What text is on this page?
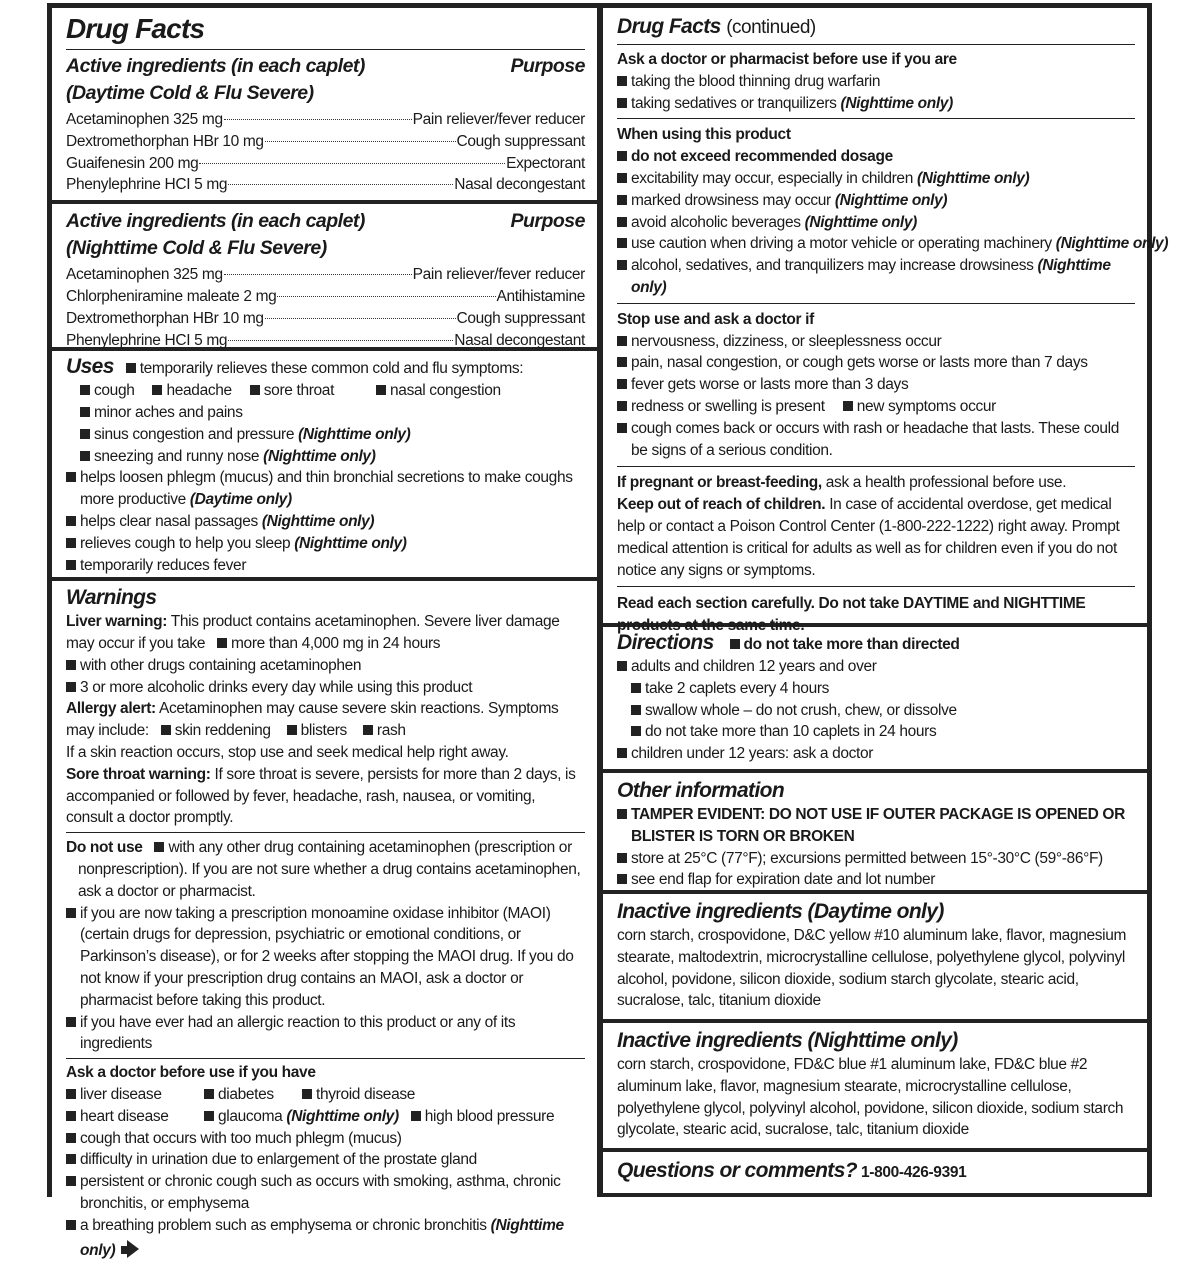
Drug Facts
Active ingredients (in each caplet)	Purpose
(Daytime Cold & Flu Severe)
Acetaminophen 325 mg	Pain reliever/fever reducer
Dextromethorphan HBr 10 mg	Cough suppressant
Guaifenesin 200 mg	Expectorant
Phenylephrine HCI 5 mg	Nasal decongestant
Active ingredients (in each caplet)	Purpose
(Nighttime Cold & Flu Severe)
Acetaminophen 325 mg	Pain reliever/fever reducer
Chlorpheniramine maleate 2 mg	Antihistamine
Dextromethorphan HBr 10 mg	Cough suppressant
Phenylephrine HCI 5 mg	Nasal decongestant
Uses temporarily relieves these common cold and flu symptoms:
cough headache sore throat	nasal congestion
minor aches and pains
sinus congestion and pressure (Nighttime only)
sneezing and runny nose (Nighttime only)
helps loosen phlegm (mucus) and thin bronchial secretions to make coughs more productive (Daytime only)
helps clear nasal passages (Nighttime only)
relieves cough to help you sleep (Nighttime only)
temporarily reduces fever
Warnings
Liver warning: This product contains acetaminophen. Severe liver damage may occur if you take more than 4,000 mg in 24 hours
with other drugs containing acetaminophen
3 or more alcoholic drinks every day while using this product
Allergy alert: Acetaminophen may cause severe skin reactions. Symptoms may include: skin reddening blisters rash
If a skin reaction occurs, stop use and seek medical help right away.
Sore throat warning: If sore throat is severe, persists for more than 2 days, is accompanied or followed by fever, headache, rash, nausea, or vomiting, consult a doctor promptly.
Do not use with any other drug containing acetaminophen (prescription or nonprescription). If you are not sure whether a drug contains acetaminophen, ask a doctor or pharmacist.
if you are now taking a prescription monoamine oxidase inhibitor (MAOI) (certain drugs for depression, psychiatric or emotional conditions, or Parkinson’s disease), or for 2 weeks after stopping the MAOI drug. If you do not know if your prescription drug contains an MAOI, ask a doctor or pharmacist before taking this product.
if you have ever had an allergic reaction to this product or any of its ingredients
Ask a doctor before use if you have
liver disease	diabetes	thyroid disease
heart disease	glaucoma (Nighttime only) high blood pressure
cough that occurs with too much phlegm (mucus)
difficulty in urination due to enlargement of the prostate gland
persistent or chronic cough such as occurs with smoking, asthma, chronic bronchitis, or emphysema
a breathing problem such as emphysema or chronic bronchitis (Nighttime only)
Drug Facts (continued)
Ask a doctor or pharmacist before use if you are
taking the blood thinning drug warfarin
taking sedatives or tranquilizers (Nighttime only)
When using this product
do not exceed recommended dosage
excitability may occur, especially in children (Nighttime only)
marked drowsiness may occur (Nighttime only)
avoid alcoholic beverages (Nighttime only)
use caution when driving a motor vehicle or operating machinery (Nighttime only)
alcohol, sedatives, and tranquilizers may increase drowsiness (Nighttime only)
Stop use and ask a doctor if
nervousness, dizziness, or sleeplessness occur
pain, nasal congestion, or cough gets worse or lasts more than 7 days
fever gets worse or lasts more than 3 days
redness or swelling is present new symptoms occur
cough comes back or occurs with rash or headache that lasts. These could be signs of a serious condition.
If pregnant or breast-feeding, ask a health professional before use.
Keep out of reach of children. In case of accidental overdose, get medical help or contact a Poison Control Center (1-800-222-1222) right away. Prompt medical attention is critical for adults as well as for children even if you do not notice any signs or symptoms.
Read each section carefully. Do not take DAYTIME and NIGHTTIME products at the same time.
Directions do not take more than directed
adults and children 12 years and over
take 2 caplets every 4 hours
swallow whole – do not crush, chew, or dissolve
do not take more than 10 caplets in 24 hours
children under 12 years: ask a doctor
Other information
TAMPER EVIDENT: DO NOT USE IF OUTER PACKAGE IS OPENED OR BLISTER IS TORN OR BROKEN
store at 25°C (77°F); excursions permitted between 15°-30°C (59°-86°F)
see end flap for expiration date and lot number
Inactive ingredients (Daytime only)
corn starch, crospovidone, D&C yellow #10 aluminum lake, flavor, magnesium stearate, maltodextrin, microcrystalline cellulose, polyethylene glycol, polyvinyl alcohol, povidone, silicon dioxide, sodium starch glycolate, stearic acid, sucralose, talc, titanium dioxide
Inactive ingredients (Nighttime only)
corn starch, crospovidone, FD&C blue #1 aluminum lake, FD&C blue #2 aluminum lake, flavor, magnesium stearate, microcrystalline cellulose, polyethylene glycol, polyvinyl alcohol, povidone, silicon dioxide, sodium starch glycolate, stearic acid, sucralose, talc, titanium dioxide
Questions or comments? 1-800-426-9391
